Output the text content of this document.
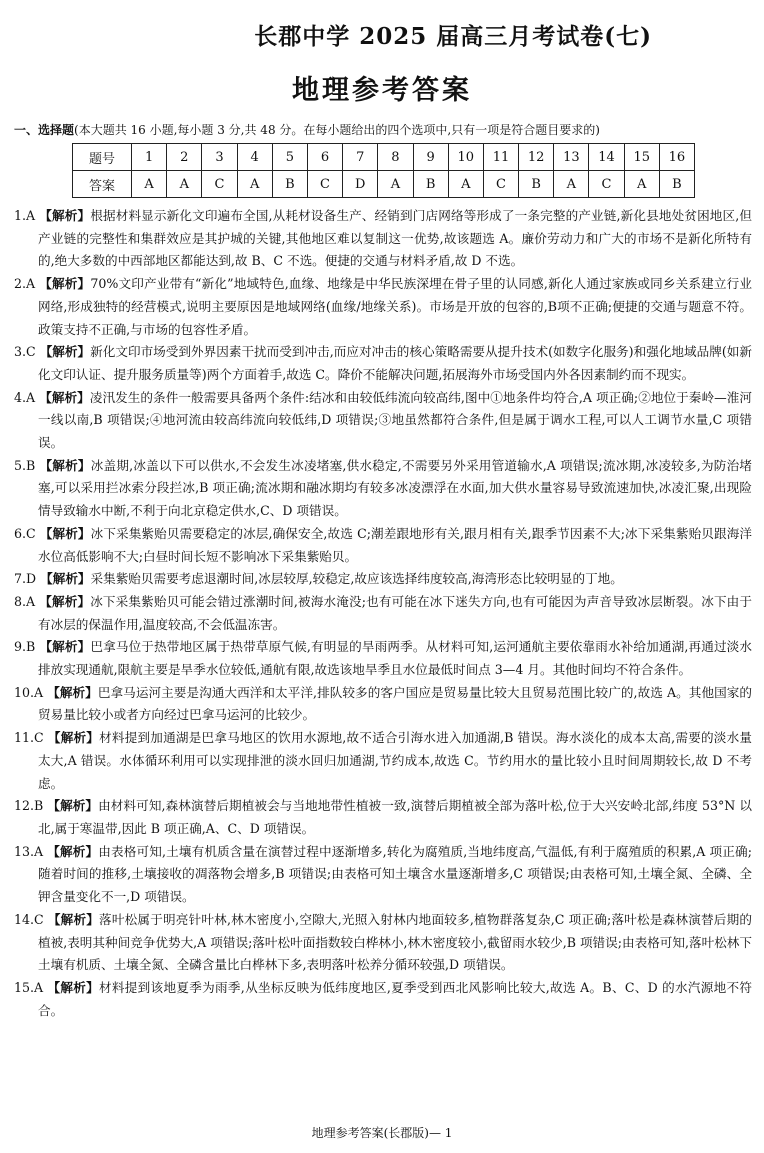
长郡中学 2025 届高三月考试卷(七)
地理参考答案
一、选择题(本大题共 16 小题,每小题 3 分,共 48 分。在每小题给出的四个选项中,只有一项是符合题目要求的)
题号	1	2	3	4	5	6	7	8	9	10	11	12	13	14	15	16
答案	A	A	C	A	B	C	D	A	B	A	C	B	A	C	A	B

1.A 【解析】根据材料显示新化文印遍布全国,从耗材设备生产、经销到门店网络等形成了一条完整的产业链,新化县地处贫困地区,但产业链的完整性和集群效应是其护城的关键,其他地区难以复制这一优势,故该题选 A。廉价劳动力和广大的市场不是新化所特有的,绝大多数的中西部地区都能达到,故 B、C 不选。便捷的交通与材料矛盾,故 D 不选。

2.A 【解析】70%文印产业带有“新化”地域特色,血缘、地缘是中华民族深埋在骨子里的认同感,新化人通过家族或同乡关系建立行业网络,形成独特的经营模式,说明主要原因是地域网络(血缘/地缘关系)。市场是开放的包容的,B项不正确;便捷的交通与题意不符。政策支持不正确,与市场的包容性矛盾。

3.C 【解析】新化文印市场受到外界因素干扰而受到冲击,而应对冲击的核心策略需要从提升技术(如数字化服务)和强化地域品牌(如新化文印认证、提升服务质量等)两个方面着手,故选 C。降价不能解决问题,拓展海外市场受国内外各因素制约而不现实。

4.A 【解析】凌汛发生的条件一般需要具备两个条件:结冰和由较低纬流向较高纬,图中①地条件均符合,A 项正确;②地位于秦岭—淮河一线以南,B 项错误;④地河流由较高纬流向较低纬,D 项错误;③地虽然都符合条件,但是属于调水工程,可以人工调节水量,C 项错误。

5.B 【解析】冰盖期,冰盖以下可以供水,不会发生冰凌堵塞,供水稳定,不需要另外采用管道输水,A 项错误;流冰期,冰凌较多,为防治堵塞,可以采用拦冰索分段拦冰,B 项正确;流冰期和融冰期均有较多冰凌漂浮在水面,加大供水量容易导致流速加快,冰凌汇聚,出现险情导致输水中断,不利于向北京稳定供水,C、D 项错误。

6.C 【解析】冰下采集紫贻贝需要稳定的冰层,确保安全,故选 C;潮差跟地形有关,跟月相有关,跟季节因素不大;冰下采集紫贻贝跟海洋水位高低影响不大;白昼时间长短不影响冰下采集紫贻贝。

7.D 【解析】采集紫贻贝需要考虑退潮时间,冰层较厚,较稳定,故应该选择纬度较高,海湾形态比较明显的丁地。

8.A 【解析】冰下采集紫贻贝可能会错过涨潮时间,被海水淹没;也有可能在冰下迷失方向,也有可能因为声音导致冰层断裂。冰下由于有冰层的保温作用,温度较高,不会低温冻害。

9.B 【解析】巴拿马位于热带地区属于热带草原气候,有明显的旱雨两季。从材料可知,运河通航主要依靠雨水补给加通湖,再通过淡水排放实现通航,限航主要是旱季水位较低,通航有限,故选该地旱季且水位最低时间点 3—4 月。其他时间均不符合条件。

10.A 【解析】巴拿马运河主要是沟通大西洋和太平洋,排队较多的客户国应是贸易量比较大且贸易范围比较广的,故选 A。其他国家的贸易量比较小或者方向经过巴拿马运河的比较少。

11.C 【解析】材料提到加通湖是巴拿马地区的饮用水源地,故不适合引海水进入加通湖,B 错误。海水淡化的成本太高,需要的淡水量太大,A 错误。水体循环利用可以实现排泄的淡水回归加通湖,节约成本,故选 C。节约用水的量比较小且时间周期较长,故 D 不考虑。

12.B 【解析】由材料可知,森林演替后期植被会与当地地带性植被一致,演替后期植被全部为落叶松,位于大兴安岭北部,纬度 53°N 以北,属于寒温带,因此 B 项正确,A、C、D 项错误。

13.A 【解析】由表格可知,土壤有机质含量在演替过程中逐渐增多,转化为腐殖质,当地纬度高,气温低,有利于腐殖质的积累,A 项正确;随着时间的推移,土壤接收的凋落物会增多,B 项错误;由表格可知土壤含水量逐渐增多,C 项错误;由表格可知,土壤全氮、全磷、全钾含量变化不一,D 项错误。

14.C 【解析】落叶松属于明亮针叶林,林木密度小,空隙大,光照入射林内地面较多,植物群落复杂,C 项正确;落叶松是森林演替后期的植被,表明其种间竞争优势大,A 项错误;落叶松叶面指数较白桦林小,林木密度较小,截留雨水较少,B 项错误;由表格可知,落叶松林下土壤有机质、土壤全氮、全磷含量比白桦林下多,表明落叶松养分循环较强,D 项错误。

15.A 【解析】材料提到该地夏季为雨季,从坐标反映为低纬度地区,夏季受到西北风影响比较大,故选 A。B、C、D 的水汽源地不符合。

地理参考答案(长郡版)— 1
